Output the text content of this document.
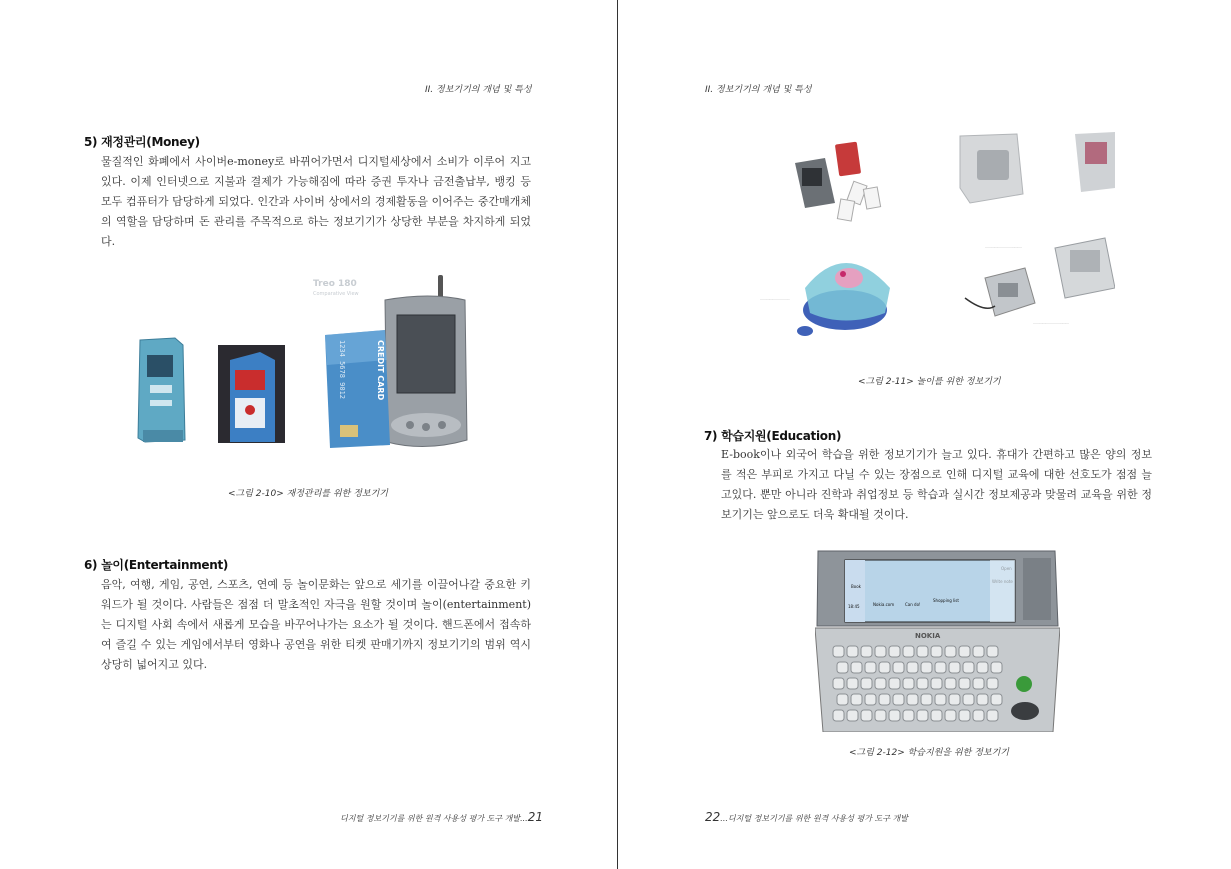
II. 정보기기의 개념 및 특성
5) 재정관리(Money)
물질적인 화폐에서 사이버e-money로 바뀌어가면서 디지털세상에서 소비가 이루어 지고 있다. 이제 인터넷으로 지불과 결제가 가능해짐에 따라 증권 투자나 금전출납부, 뱅킹 등 모두 컴퓨터가 담당하게 되었다. 인간과 사이버 상에서의 경제활동을 이어주는 중간매개체의 역할을 담당하며 돈 관리를 주목적으로 하는 정보기기가 상당한 부분을 차지하게 되었다.
Treo 180
Comparative View
CREDIT CARD
1234 5678 9012
<그림 2-10> 재정관리를 위한 정보기기
6) 놀이(Entertainment)
음악, 여행, 게임, 공연, 스포츠, 연예 등 놀이문화는 앞으로 세기를 이끌어나갈 중요한 키워드가 될 것이다. 사람들은 점점 더 말초적인 자극을 원할 것이며 놀이(entertainment)는 디지털 사회 속에서 새롭게 모습을 바꾸어나가는 요소가 될 것이다. 핸드폰에서 접속하여 즐길 수 있는 게임에서부터 영화나 공연을 위한 티켓 판매기까지 정보기기의 범위 역시 상당히 넓어지고 있다.
디지털 정보기기를 위한 원격 사용성 평가 도구 개발...21
II. 정보기기의 개념 및 특성
.......................................
...............................
......................................
<그림 2-11> 놀이를 위한 정보기기
7) 학습지원(Education)
E-book이나 외국어 학습을 위한 정보기기가 늘고 있다. 휴대가 간편하고 많은 양의 정보를 적은 부피로 가지고 다닐 수 있는 장점으로 인해 디지털 교육에 대한 선호도가 점점 늘고있다. 뿐만 아니라 진학과 취업정보 등 학습과 실시간 정보제공과 맞물려 교육을 위한 정보기기는 앞으로도 더욱 확대될 것이다.
Book
18:45	Nokia.com	Can do!
Shopping list
NOKIA
<그림 2-12> 학습지원을 위한 정보기기
22...디지털 정보기기를 위한 원격 사용성 평가 도구 개발
